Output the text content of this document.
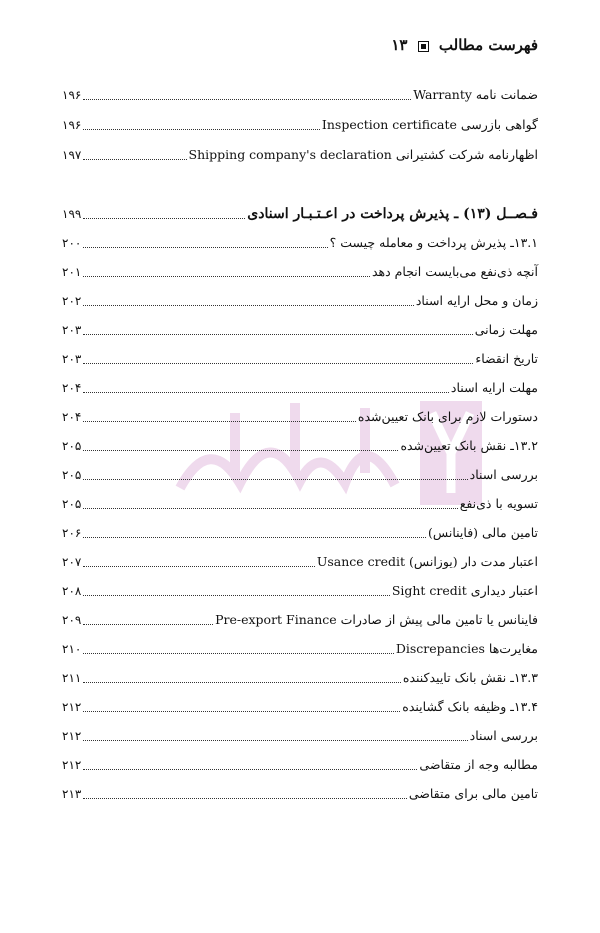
فهرست مطالب  ۱۳
ضمانت نامه Warranty
۱۹۶
گواهی بازرسی Inspection certificate
۱۹۶
اظهارنامه شرکت کشتیرانی Shipping company's declaration
۱۹۷
فـصــل (۱۳) ـ پذیرش پرداخت در اعـتـبـار اسنادی
۱۹۹
۱۳.۱ـ پذیرش پرداخت و معامله چیست ؟
۲۰۰
آنچه ذی‌نفع می‌بایست انجام دهد
۲۰۱
زمان و محل ارایه اسناد
۲۰۲
مهلت زمانی
۲۰۳
تاریخ انقضاء
۲۰۳
مهلت ارایه اسناد
۲۰۴
دستورات لازم برای بانک تعیین‌شده
۲۰۴
۱۳.۲ـ نقش بانک تعیین‌شده
۲۰۵
بررسی اسناد
۲۰۵
تسویه با ذی‌نفع
۲۰۵
تامین مالی (فاینانس)
۲۰۶
اعتبار مدت دار (یوزانس) Usance credit
۲۰۷
اعتبار دیداری Sight credit
۲۰۸
فاینانس یا تامین مالی پیش از صادرات Pre-export Finance
۲۰۹
مغایرت‌ها Discrepancies
۲۱۰
۱۳.۳ـ نقش بانک تاییدکننده
۲۱۱
۱۳.۴ـ وظیفه بانک گشاینده
۲۱۲
بررسی اسناد
۲۱۲
مطالبه وجه از متقاضی
۲۱۲
تامین مالی برای متقاضی
۲۱۳
